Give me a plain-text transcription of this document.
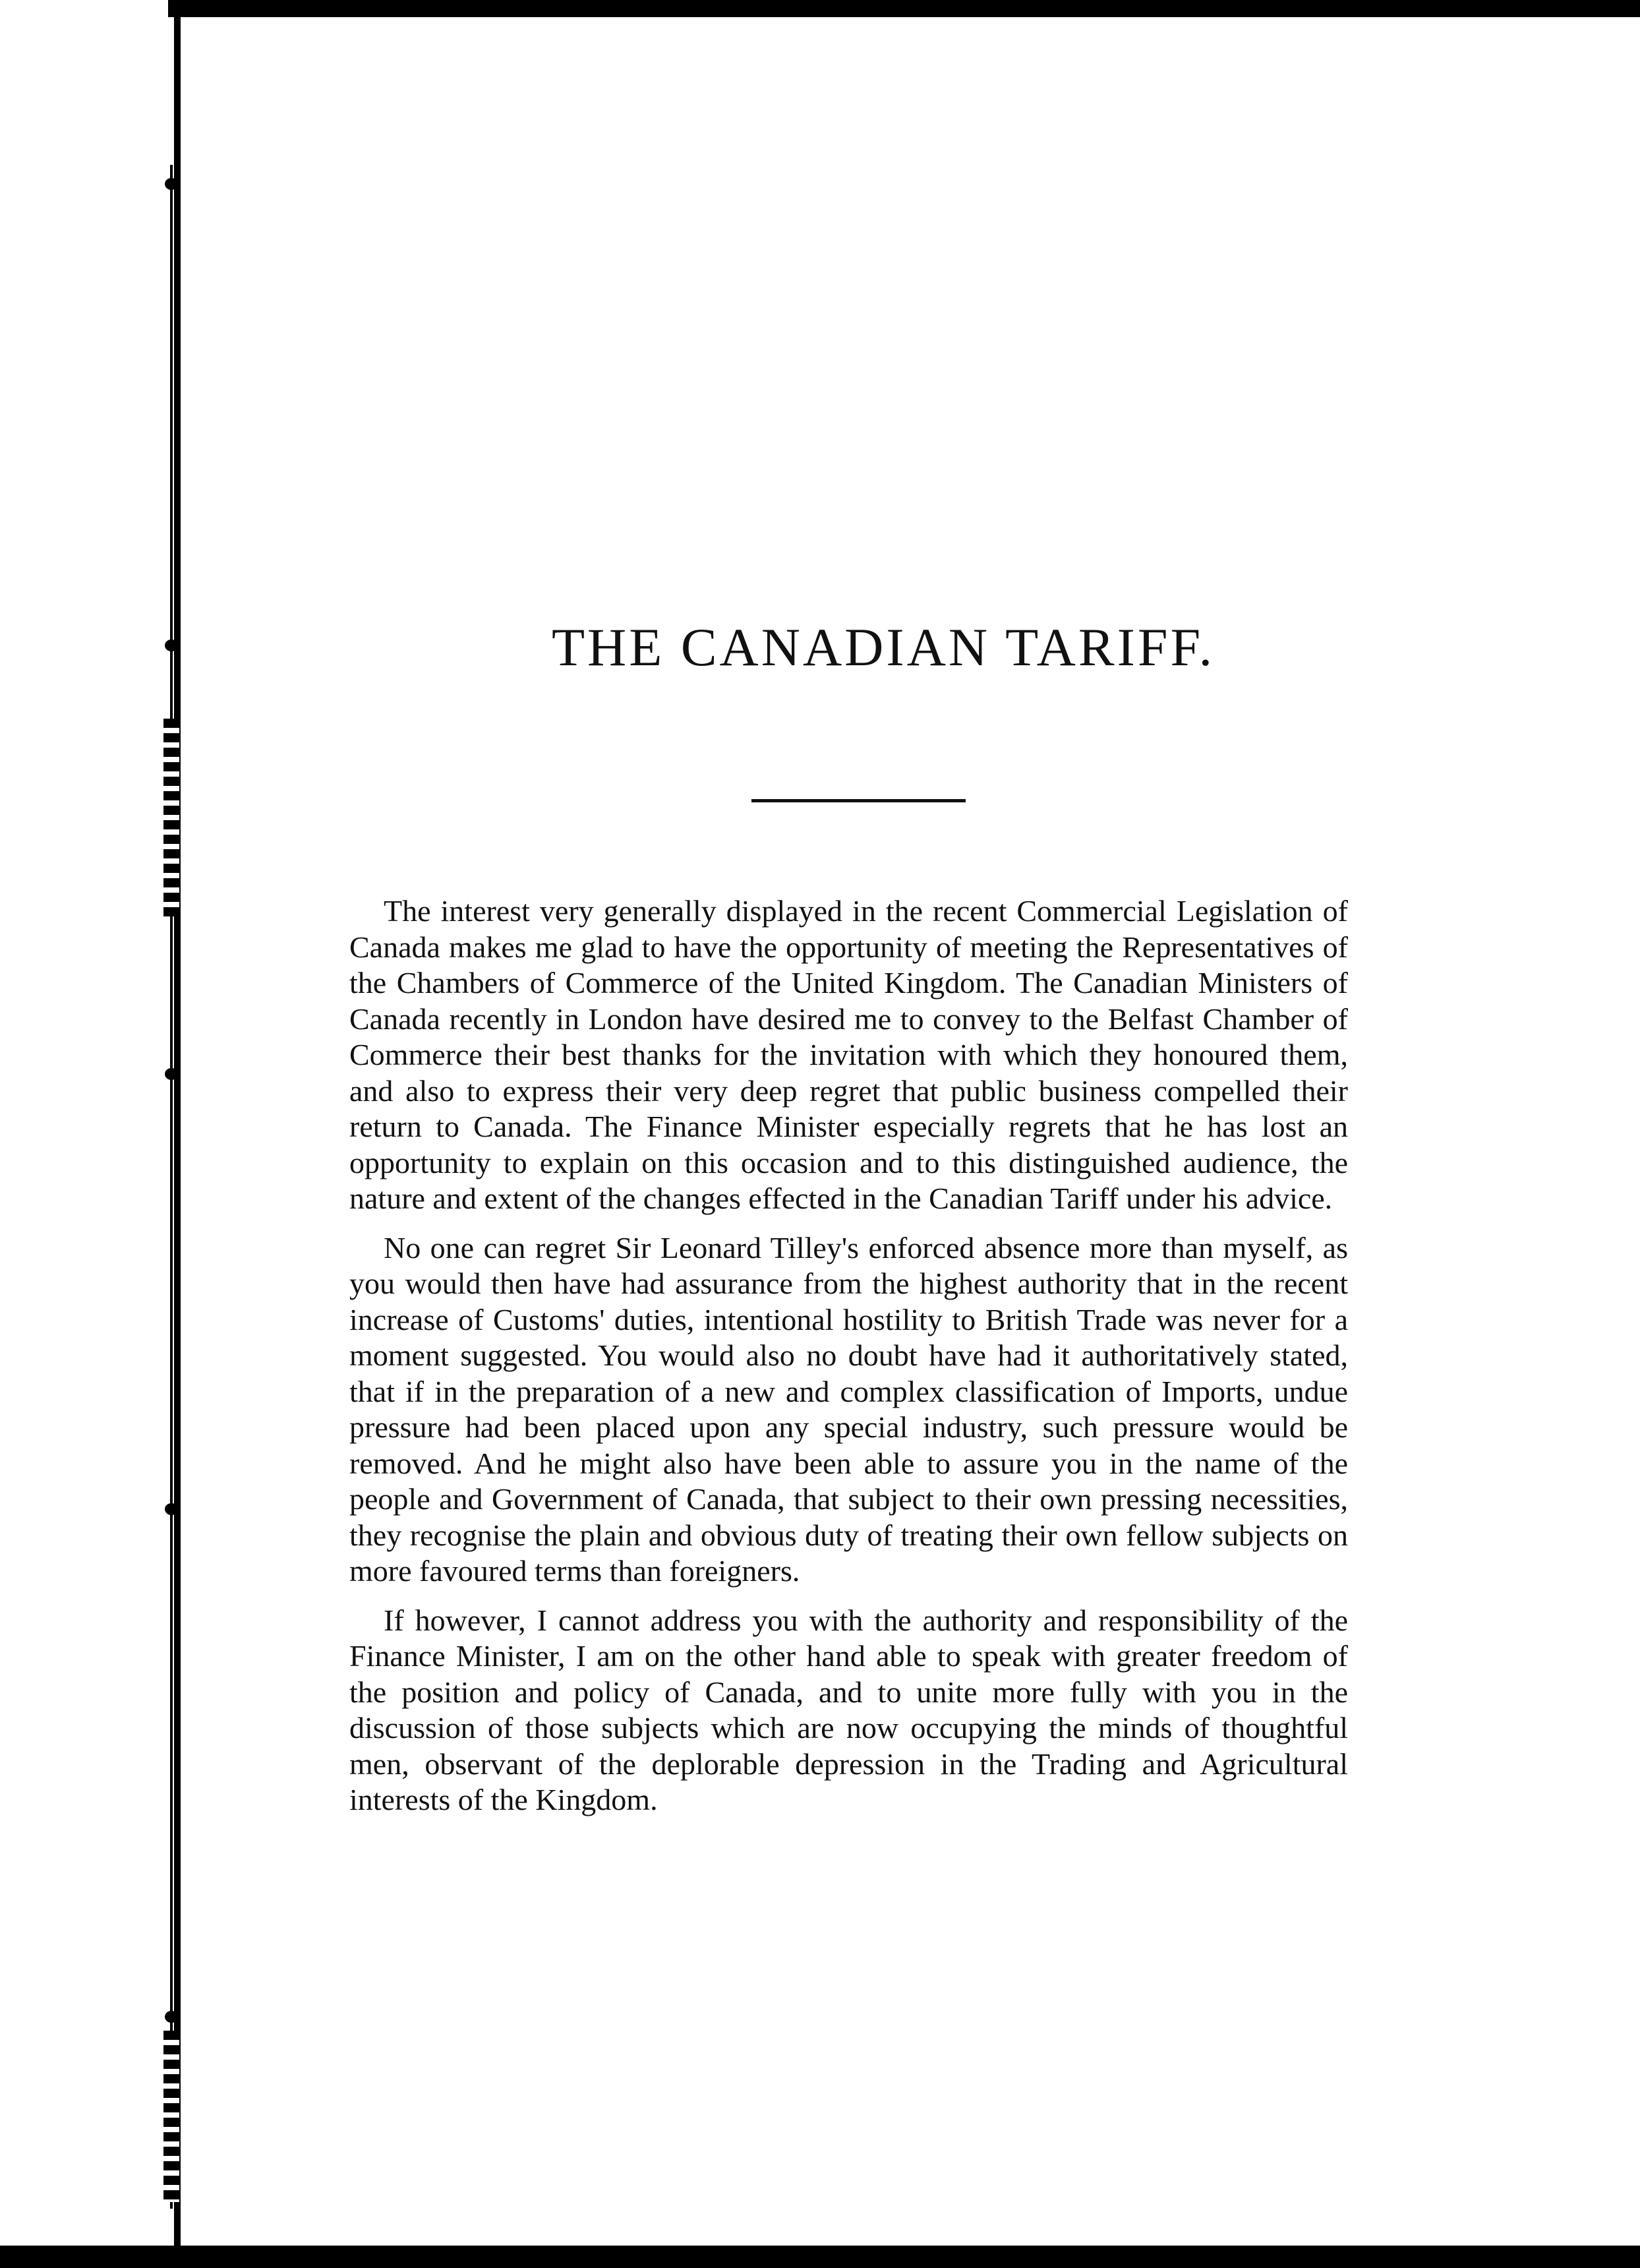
THE CANADIAN TARIFF.

The interest very generally displayed in the recent Commercial Legislation of Canada makes me glad to have the opportunity of meeting the Representatives of the Chambers of Commerce of the United Kingdom. The Canadian Ministers of Canada recently in London have desired me to convey to the Belfast Chamber of Commerce their best thanks for the invitation with which they honoured them, and also to express their very deep regret that public business compelled their return to Canada. The Finance Minister especially regrets that he has lost an opportunity to explain on this occasion and to this distinguished audience, the nature and extent of the changes effected in the Canadian Tariff under his advice.

No one can regret Sir Leonard Tilley's enforced absence more than myself, as you would then have had assurance from the highest authority that in the recent increase of Customs' duties, intentional hostility to British Trade was never for a moment suggested. You would also no doubt have had it authoritatively stated, that if in the preparation of a new and complex classification of Imports, undue pressure had been placed upon any special industry, such pressure would be removed. And he might also have been able to assure you in the name of the people and Government of Canada, that subject to their own pressing necessities, they recognise the plain and obvious duty of treating their own fellow subjects on more favoured terms than foreigners.

If however, I cannot address you with the authority and responsibility of the Finance Minister, I am on the other hand able to speak with greater freedom of the position and policy of Canada, and to unite more fully with you in the discussion of those subjects which are now occupying the minds of thoughtful men, observant of the deplorable depression in the Trading and Agricultural interests of the Kingdom.
